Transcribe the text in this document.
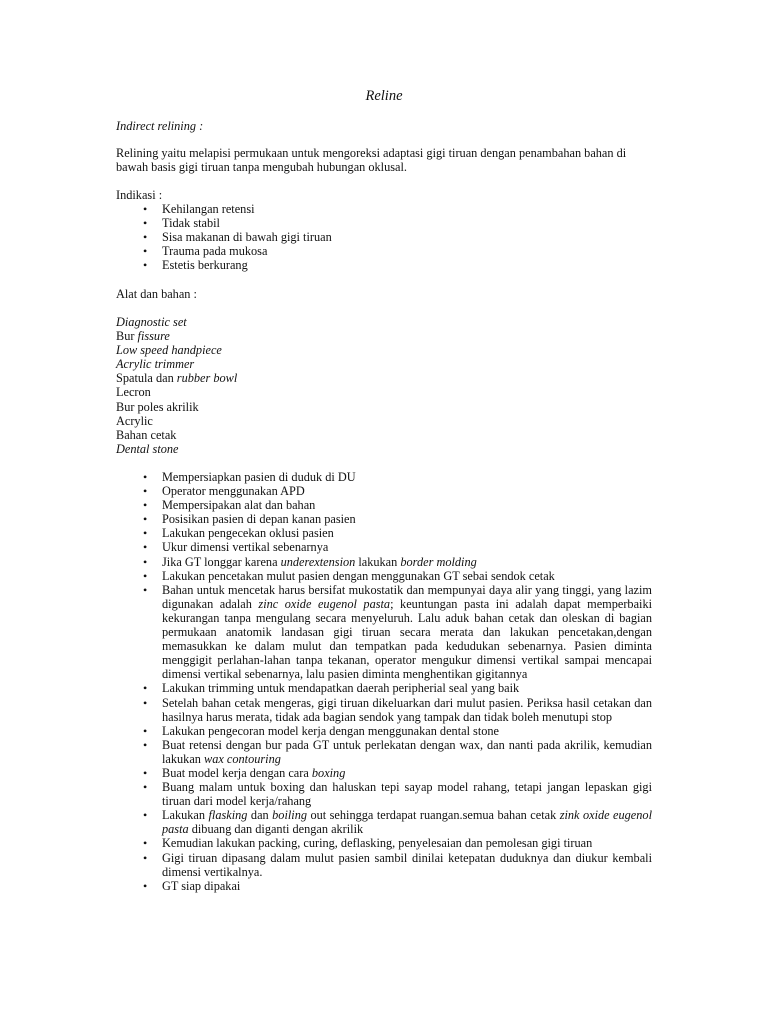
Reline
Indirect relining :
Relining yaitu melapisi permukaan untuk mengoreksi adaptasi gigi tiruan dengan penambahan bahan di bawah basis gigi tiruan tanpa mengubah hubungan oklusal.

Indikasi :

• Kehilangan retensi
• Tidak stabil
• Sisa makanan di bawah gigi tiruan
• Trauma pada mukosa
• Estetis berkurang
Alat dan bahan :

Diagnostic set

Bur fissure

Low speed handpiece

Acrylic trimmer

Spatula dan rubber bowl

Lecron

Bur poles akrilik

Acrylic

Bahan cetak

Dental stone

• Mempersiapkan pasien di duduk di DU
• Operator menggunakan APD
• Mempersipakan alat dan bahan
• Posisikan pasien di depan kanan pasien
• Lakukan pengecekan oklusi pasien
• Ukur dimensi vertikal sebenarnya
• Jika GT longgar karena underextension lakukan border molding
• Lakukan pencetakan mulut pasien dengan menggunakan GT sebai sendok cetak
• Bahan untuk mencetak harus bersifat mukostatik dan mempunyai daya alir yang tinggi, yang lazim digunakan adalah zinc oxide eugenol pasta; keuntungan pasta ini adalah dapat memperbaiki kekurangan tanpa mengulang secara menyeluruh. Lalu aduk bahan cetak dan oleskan di bagian permukaan anatomik landasan gigi tiruan secara merata dan lakukan pencetakan,dengan memasukkan ke dalam mulut dan tempatkan pada kedudukan sebenarnya. Pasien diminta menggigit perlahan-lahan tanpa tekanan, operator mengukur dimensi vertikal sampai mencapai dimensi vertikal sebenarnya, lalu pasien diminta menghentikan gigitannya
• Lakukan trimming untuk mendapatkan daerah peripherial seal yang baik
• Setelah bahan cetak mengeras, gigi tiruan dikeluarkan dari mulut pasien. Periksa hasil cetakan dan hasilnya harus merata, tidak ada bagian sendok yang tampak dan tidak boleh menutupi stop
• Lakukan pengecoran model kerja dengan menggunakan dental stone
• Buat retensi dengan bur pada GT untuk perlekatan dengan wax, dan nanti pada akrilik, kemudian lakukan wax contouring
• Buat model kerja dengan cara boxing
• Buang malam untuk boxing dan haluskan tepi sayap model rahang, tetapi jangan lepaskan gigi tiruan dari model kerja/rahang
• Lakukan flasking dan boiling out sehingga terdapat ruangan.semua bahan cetak zink oxide eugenol pasta dibuang dan diganti dengan akrilik
• Kemudian lakukan packing, curing, deflasking, penyelesaian dan pemolesan gigi tiruan
• Gigi tiruan dipasang dalam mulut pasien sambil dinilai ketepatan duduknya dan diukur kembali dimensi vertikalnya.
• GT siap dipakai
